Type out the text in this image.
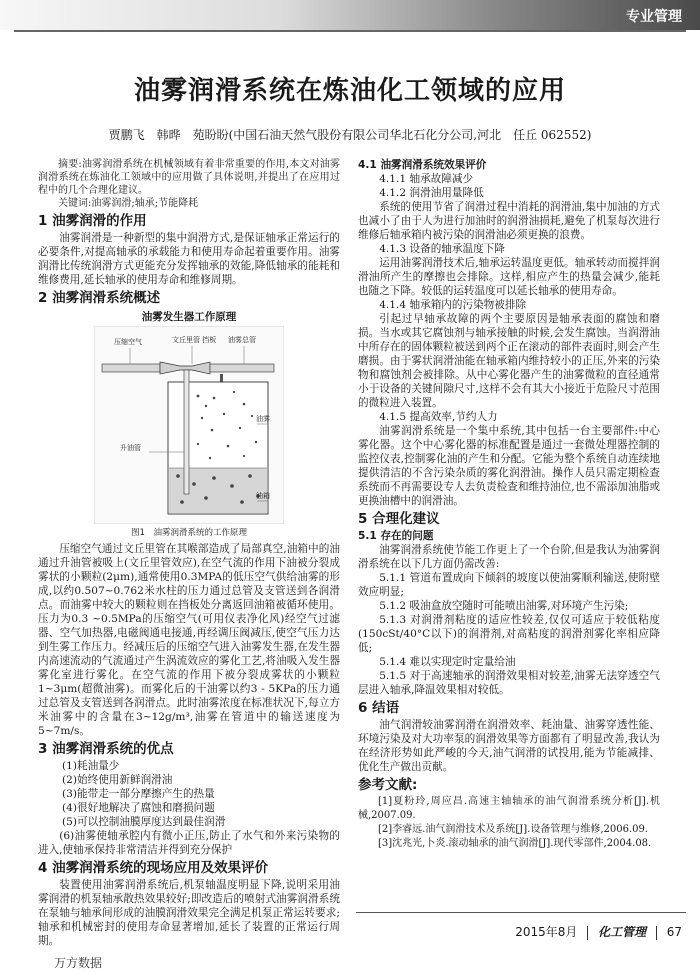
专业管理
油雾润滑系统在炼油化工领域的应用
贾鹏飞　韩晔　苑盼盼(中国石油天然气股份有限公司华北石化分公司,河北　任丘 062552)

摘要:油雾润滑系统在机械领域有着非常重要的作用,本文对油雾润滑系统在炼油化工领域中的应用做了具体说明,并提出了在应用过程中的几个合理化建议。

关键词:油雾润滑;轴承;节能降耗

1 油雾润滑的作用

油雾润滑是一种新型的集中润滑方式,是保证轴承正常运行的必要条件,对提高轴承的承载能力和使用寿命起着重要作用。油雾润滑比传统润滑方式更能充分发挥轴承的效能,降低轴承的能耗和维修费用,延长轴承的使用寿命和维修周期。

2 油雾润滑系统概述
油雾发生器工作原理
压缩空气	文丘里管 挡板 油雾总管
油雾
升油管
油箱
图1　油雾润滑系统的工作原理

压缩空气通过文丘里管在其喉部造成了局部真空,油箱中的油通过升油管被吸上(文丘里管效应),在空气流的作用下油被分裂成雾状的小颗粒(2μm),通常使用0.3MPA的低压空气供给油雾的形成,以约0.507~0.762米水柱的压力通过总管及支管送到各润滑点。而油雾中较大的颗粒则在挡板处分离返回油箱被循环使用。压力为0.3 ~0.5MPa的压缩空气(可用仪表净化风)经空气过滤器、空气加热器,电磁阀通电接通,再经调压阀减压,使空气压力达到生雾工作压力。经减压后的压缩空气进入油雾发生器,在发生器内高速流动的气流通过产生涡流效应的雾化工艺,将油吸入发生器雾化室进行雾化。在空气流的作用下被分裂成雾状的小颗粒1~3μm(超微油雾)。而雾化后的干油雾以约3 - 5KPa的压力通过总管及支管送到各润滑点。此时油雾浓度在标准状况下,每立方米油雾中的含量在3~12g/m³,油雾在管道中的输送速度为5~7m/s。

3 油雾润滑系统的优点

(1)耗油量少

(2)始终使用新鲜润滑油

(3)能带走一部分摩擦产生的热量

(4)很好地解决了腐蚀和磨损问题

(5)可以控制油膜厚度达到最佳润滑

(6)油雾使轴承腔内有微小正压,防止了水气和外来污染物的进入,使轴承保持非常清洁并得到充分保护

4 油雾润滑系统的现场应用及效果评价

装置使用油雾润滑系统后,机泵轴温度明显下降,说明采用油雾润滑的机泵轴承散热效果较好;即改造后的喷射式油雾润滑系统在泵轴与轴承间形成的油膜润滑效果完全满足机泵正常运转要求;轴承和机械密封的使用寿命显著增加,延长了装置的正常运行周期。

4.1 油雾润滑系统效果评价

4.1.1 轴承故障减少

4.1.2 润滑油用量降低

系统的使用节省了润滑过程中消耗的润滑油,集中加油的方式也减小了由于人为进行加油时的润滑油损耗,避免了机泵每次进行维修后轴承箱内被污染的润滑油必须更换的浪费。

4.1.3 设备的轴承温度下降

运用油雾润滑技术后,轴承运转温度更低。轴承转动而搅拌润滑油所产生的摩擦也会排除。这样,相应产生的热量会减少,能耗也随之下降。较低的运转温度可以延长轴承的使用寿命。

4.1.4 轴承箱内的污染物被排除

引起过早轴承故障的两个主要原因是轴承表面的腐蚀和磨损。当水或其它腐蚀剂与轴承接触的时候,会发生腐蚀。当润滑油中所存在的固体颗粒被送到两个正在滚动的部件表面时,则会产生磨损。由于雾状润滑油能在轴承箱内维持较小的正压,外来的污染物和腐蚀剂会被排除。从中心雾化器产生的油雾微粒的直径通常小于设备的关键间隙尺寸,这样不会有其大小接近于危险尺寸范围的微粒进入装置。

4.1.5 提高效率,节约人力

油雾润滑系统是一个集中系统,其中包括一台主要部件:中心雾化器。这个中心雾化器的标准配置是通过一套微处理器控制的监控仪表,控制雾化油的产生和分配。它能为整个系统自动连续地提供清洁的不含污染杂质的雾化润滑油。操作人员只需定期检查系统而不再需要设专人去负责检查和维持油位,也不需添加油脂或更换油槽中的润滑油。

5 合理化建议
5.1 存在的问题

油雾润滑系统使节能工作更上了一个台阶,但是我认为油雾润滑系统在以下几方面仍需改善:

5.1.1 管道布置成向下倾斜的坡度以使油雾顺利输送,使附壁效应明显;

5.1.2 吸油盒放空随时可能喷出油雾,对环境产生污染;

5.1.3 对润滑剂粘度的适应性较差,仅仅可适应于较低粘度(150cSt/40°C以下)的润滑剂,对高粘度的润滑剂雾化率相应降低;

5.1.4 难以实现定时定量给油

5.1.5 对于高速轴承的润滑效果相对较差,油雾无法穿透空气层进入轴承,降温效果相对较低。

6 结语

油气润滑较油雾润滑在润滑效率、耗油量、油雾穿透性能、环境污染及对大功率泵的润滑效果等方面都有了明显改善,我认为在经济形势如此严峻的今天,油气润滑的试投用,能为节能减排、优化生产做出贡献。

参考文献:

[1]夏粉玲,周应昌.高速主轴轴承的油气润滑系统分析[J].机械,2007.09.

[2]李睿远.油气润滑技术及系统[J].设备管理与维修,2006.09.

[3]沈兆光,卜炎.滚动轴承的油气润滑[J].现代零部件,2004.08.

2015年8月 化工管理 67
万方数据
